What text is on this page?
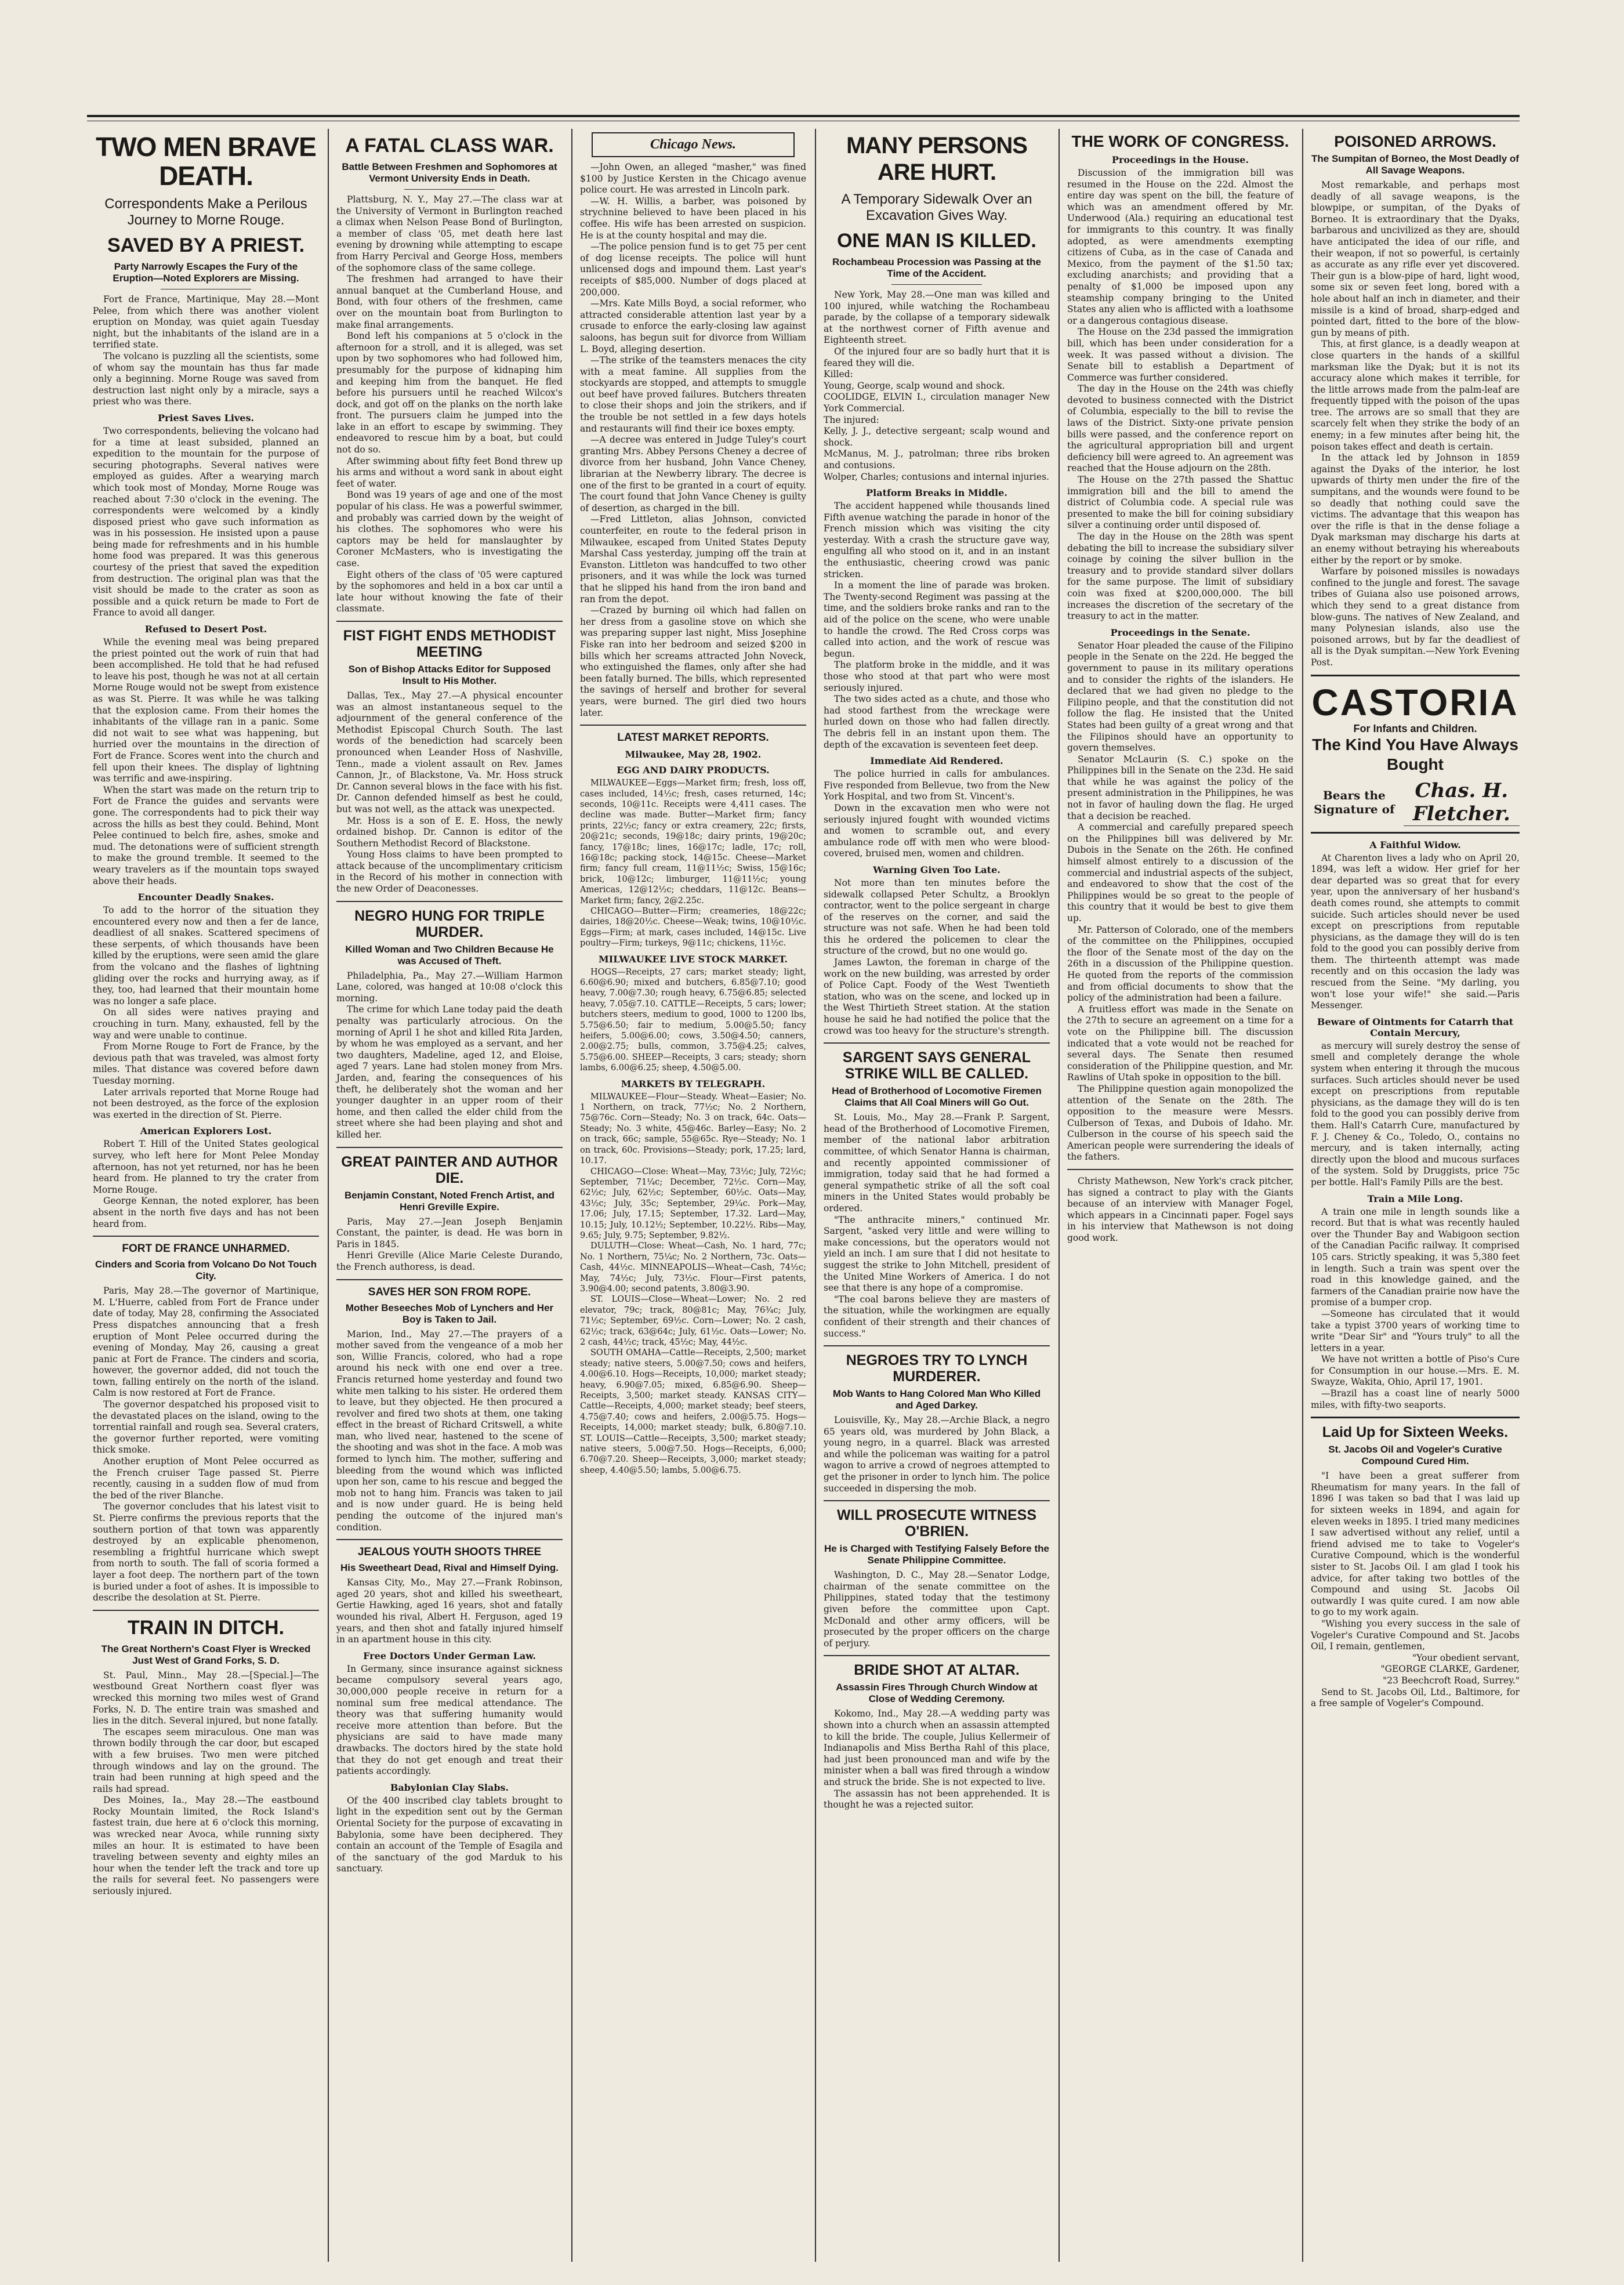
TWO MEN BRAVE DEATH.
Correspondents Make a Perilous Journey to Morne Rouge.
SAVED BY A PRIEST.
Party Narrowly Escapes the Fury of the Eruption—Noted Explorers are Missing.

Fort de France, Martinique, May 28.—Mont Pelee, from which there was another violent eruption on Monday, was quiet again Tuesday night, but the inhabitants of the island are in a terrified state.

The volcano is puzzling all the scientists, some of whom say the mountain has thus far made only a beginning. Morne Rouge was saved from destruction last night only by a miracle, says a priest who was there.

Priest Saves Lives.

Two correspondents, believing the volcano had for a time at least subsided, planned an expedition to the mountain for the purpose of securing photographs. Several natives were employed as guides. After a wearying march which took most of Monday, Morne Rouge was reached about 7:30 o'clock in the evening. The correspondents were welcomed by a kindly disposed priest who gave such information as was in his possession. He insisted upon a pause being made for refreshments and in his humble home food was prepared. It was this generous courtesy of the priest that saved the expedition from destruction. The original plan was that the visit should be made to the crater as soon as possible and a quick return be made to Fort de France to avoid all danger.

Refused to Desert Post.

While the evening meal was being prepared the priest pointed out the work of ruin that had been accomplished. He told that he had refused to leave his post, though he was not at all certain Morne Rouge would not be swept from existence as was St. Pierre. It was while he was talking that the explosion came. From their homes the inhabitants of the village ran in a panic. Some did not wait to see what was happening, but hurried over the mountains in the direction of Fort de France. Scores went into the church and fell upon their knees. The display of lightning was terrific and awe-inspiring.

When the start was made on the return trip to Fort de France the guides and servants were gone. The correspondents had to pick their way across the hills as best they could. Behind, Mont Pelee continued to belch fire, ashes, smoke and mud. The detonations were of sufficient strength to make the ground tremble. It seemed to the weary travelers as if the mountain tops swayed above their heads.

Encounter Deadly Snakes.

To add to the horror of the situation they encountered every now and then a fer de lance, deadliest of all snakes. Scattered specimens of these serpents, of which thousands have been killed by the eruptions, were seen amid the glare from the volcano and the flashes of lightning gliding over the rocks and hurrying away, as if they, too, had learned that their mountain home was no longer a safe place.

On all sides were natives praying and crouching in turn. Many, exhausted, fell by the way and were unable to continue.

From Morne Rouge to Fort de France, by the devious path that was traveled, was almost forty miles. That distance was covered before dawn Tuesday morning.

Later arrivals reported that Morne Rouge had not been destroyed, as the force of the explosion was exerted in the direction of St. Pierre.

American Explorers Lost.

Robert T. Hill of the United States geological survey, who left here for Mont Pelee Monday afternoon, has not yet returned, nor has he been heard from. He planned to try the crater from Morne Rouge.

George Kennan, the noted explorer, has been absent in the north five days and has not been heard from.

FORT DE FRANCE UNHARMED.
Cinders and Scoria from Volcano Do Not Touch City.

Paris, May 28.—The governor of Martinique, M. L'Huerre, cabled from Fort de France under date of today, May 28, confirming the Associated Press dispatches announcing that a fresh eruption of Mont Pelee occurred during the evening of Monday, May 26, causing a great panic at Fort de France. The cinders and scoria, however, the governor added, did not touch the town, falling entirely on the north of the island. Calm is now restored at Fort de France.

The governor despatched his proposed visit to the devastated places on the island, owing to the torrential rainfall and rough sea. Several craters, the governor further reported, were vomiting thick smoke.

Another eruption of Mont Pelee occurred as the French cruiser Tage passed St. Pierre recently, causing in a sudden flow of mud from the bed of the river Blanche.

The governor concludes that his latest visit to St. Pierre confirms the previous reports that the southern portion of that town was apparently destroyed by an explicable phenomenon, resembling a frightful hurricane which swept from north to south. The fall of scoria formed a layer a foot deep. The northern part of the town is buried under a foot of ashes. It is impossible to describe the desolation at St. Pierre.

TRAIN IN DITCH.
The Great Northern's Coast Flyer is Wrecked Just West of Grand Forks, S. D.

St. Paul, Minn., May 28.—[Special.]—The westbound Great Northern coast flyer was wrecked this morning two miles west of Grand Forks, N. D. The entire train was smashed and lies in the ditch. Several injured, but none fatally.

The escapes seem miraculous. One man was thrown bodily through the car door, but escaped with a few bruises. Two men were pitched through windows and lay on the ground. The train had been running at high speed and the rails had spread.

Des Moines, Ia., May 28.—The eastbound Rocky Mountain limited, the Rock Island's fastest train, due here at 6 o'clock this morning, was wrecked near Avoca, while running sixty miles an hour. It is estimated to have been traveling between seventy and eighty miles an hour when the tender left the track and tore up the rails for several feet. No passengers were seriously injured.

A FATAL CLASS WAR.
Battle Between Freshmen and Sophomores at Vermont University Ends in Death.

Plattsburg, N. Y., May 27.—The class war at the University of Vermont in Burlington reached a climax when Nelson Pease Bond of Burlington, a member of class '05, met death here last evening by drowning while attempting to escape from Harry Percival and George Hoss, members of the sophomore class of the same college.

The freshmen had arranged to have their annual banquet at the Cumberland House, and Bond, with four others of the freshmen, came over on the mountain boat from Burlington to make final arrangements.

Bond left his companions at 5 o'clock in the afternoon for a stroll, and it is alleged, was set upon by two sophomores who had followed him, presumably for the purpose of kidnaping him and keeping him from the banquet. He fled before his pursuers until he reached Wilcox's dock, and got off on the planks on the north lake front. The pursuers claim he jumped into the lake in an effort to escape by swimming. They endeavored to rescue him by a boat, but could not do so.

After swimming about fifty feet Bond threw up his arms and without a word sank in about eight feet of water.

Bond was 19 years of age and one of the most popular of his class. He was a powerful swimmer, and probably was carried down by the weight of his clothes. The sophomores who were his captors may be held for manslaughter by Coroner McMasters, who is investigating the case.

Eight others of the class of '05 were captured by the sophomores and held in a box car until a late hour without knowing the fate of their classmate.

FIST FIGHT ENDS METHODIST MEETING
Son of Bishop Attacks Editor for Supposed Insult to His Mother.

Dallas, Tex., May 27.—A physical encounter was an almost instantaneous sequel to the adjournment of the general conference of the Methodist Episcopal Church South. The last words of the benediction had scarcely been pronounced when Leander Hoss of Nashville, Tenn., made a violent assault on Rev. James Cannon, Jr., of Blackstone, Va. Mr. Hoss struck Dr. Cannon several blows in the face with his fist. Dr. Cannon defended himself as best he could, but was not well, as the attack was unexpected.

Mr. Hoss is a son of E. E. Hoss, the newly ordained bishop. Dr. Cannon is editor of the Southern Methodist Record of Blackstone.

Young Hoss claims to have been prompted to attack because of the uncomplimentary criticism in the Record of his mother in connection with the new Order of Deaconesses.

NEGRO HUNG FOR TRIPLE MURDER.
Killed Woman and Two Children Because He was Accused of Theft.

Philadelphia, Pa., May 27.—William Harmon Lane, colored, was hanged at 10:08 o'clock this morning.

The crime for which Lane today paid the death penalty was particularly atrocious. On the morning of April 1 he shot and killed Rita Jarden, by whom he was employed as a servant, and her two daughters, Madeline, aged 12, and Eloise, aged 7 years. Lane had stolen money from Mrs. Jarden, and, fearing the consequences of his theft, he deliberately shot the woman and her younger daughter in an upper room of their home, and then called the elder child from the street where she had been playing and shot and killed her.

GREAT PAINTER AND AUTHOR DIE.
Benjamin Constant, Noted French Artist, and Henri Greville Expire.

Paris, May 27.—Jean Joseph Benjamin Constant, the painter, is dead. He was born in Paris in 1845.

Henri Greville (Alice Marie Celeste Durando, the French authoress, is dead.

SAVES HER SON FROM ROPE.
Mother Beseeches Mob of Lynchers and Her Boy is Taken to Jail.

Marion, Ind., May 27.—The prayers of a mother saved from the vengeance of a mob her son, Willie Francis, colored, who had a rope around his neck with one end over a tree. Francis returned home yesterday and found two white men talking to his sister. He ordered them to leave, but they objected. He then procured a revolver and fired two shots at them, one taking effect in the breast of Richard Critswell, a white man, who lived near, hastened to the scene of the shooting and was shot in the face. A mob was formed to lynch him. The mother, suffering and bleeding from the wound which was inflicted upon her son, came to his rescue and begged the mob not to hang him. Francis was taken to jail and is now under guard. He is being held pending the outcome of the injured man's condition.

JEALOUS YOUTH SHOOTS THREE
His Sweetheart Dead, Rival and Himself Dying.

Kansas City, Mo., May 27.—Frank Robinson, aged 20 years, shot and killed his sweetheart, Gertie Hawking, aged 16 years, shot and fatally wounded his rival, Albert H. Ferguson, aged 19 years, and then shot and fatally injured himself in an apartment house in this city.

Free Doctors Under German Law.

In Germany, since insurance against sickness became compulsory several years ago, 30,000,000 people receive in return for a nominal sum free medical attendance. The theory was that suffering humanity would receive more attention than before. But the physicians are said to have made many drawbacks. The doctors hired by the state hold that they do not get enough and treat their patients accordingly.

Babylonian Clay Slabs.

Of the 400 inscribed clay tablets brought to light in the expedition sent out by the German Oriental Society for the purpose of excavating in Babylonia, some have been deciphered. They contain an account of the Temple of Esagila and of the sanctuary of the god Marduk to his sanctuary.

Chicago News.

—John Owen, an alleged "masher," was fined $100 by Justice Kersten in the Chicago avenue police court. He was arrested in Lincoln park.

—W. H. Willis, a barber, was poisoned by strychnine believed to have been placed in his coffee. His wife has been arrested on suspicion. He is at the county hospital and may die.

—The police pension fund is to get 75 per cent of dog license receipts. The police will hunt unlicensed dogs and impound them. Last year's receipts of $85,000. Number of dogs placed at 200,000.

—Mrs. Kate Mills Boyd, a social reformer, who attracted considerable attention last year by a crusade to enforce the early-closing law against saloons, has begun suit for divorce from William L. Boyd, alleging desertion.

—The strike of the teamsters menaces the city with a meat famine. All supplies from the stockyards are stopped, and attempts to smuggle out beef have proved failures. Butchers threaten to close their shops and join the strikers, and if the trouble be not settled in a few days hotels and restaurants will find their ice boxes empty.

—A decree was entered in Judge Tuley's court granting Mrs. Abbey Persons Cheney a decree of divorce from her husband, John Vance Cheney, librarian at the Newberry library. The decree is one of the first to be granted in a court of equity. The court found that John Vance Cheney is guilty of desertion, as charged in the bill.

—Fred Littleton, alias Johnson, convicted counterfeiter, en route to the federal prison in Milwaukee, escaped from United States Deputy Marshal Cass yesterday, jumping off the train at Evanston. Littleton was handcuffed to two other prisoners, and it was while the lock was turned that he slipped his hand from the iron band and ran from the depot.

—Crazed by burning oil which had fallen on her dress from a gasoline stove on which she was preparing supper last night, Miss Josephine Fiske ran into her bedroom and seized $200 in bills which her screams attracted John Noveck, who extinguished the flames, only after she had been fatally burned. The bills, which represented the savings of herself and brother for several years, were burned. The girl died two hours later.

LATEST MARKET REPORTS.
Milwaukee, May 28, 1902.
EGG AND DAIRY PRODUCTS.

MILWAUKEE—Eggs—Market firm; fresh, loss off, cases included, 14½c; fresh, cases returned, 14c; seconds, 10@11c. Receipts were 4,411 cases. The decline was made. Butter—Market firm; fancy prints, 22½c; fancy or extra creamery, 22c; firsts, 20@21c; seconds, 19@18c; dairy prints, 19@20c; fancy, 17@18c; lines, 16@17c; ladle, 17c; roll, 16@18c; packing stock, 14@15c. Cheese—Market firm; fancy full cream, 11@11½c; Swiss, 15@16c; brick, 10@12c; limburger, 11@11½c; young Americas, 12@12½c; cheddars, 11@12c. Beans—Market firm; fancy, 2@2.25c.

CHICAGO—Butter—Firm; creameries, 18@22c; dairies, 18@20½c. Cheese—Weak; twins, 10@10½c. Eggs—Firm; at mark, cases included, 14@15c. Live poultry—Firm; turkeys, 9@11c; chickens, 11½c.

MILWAUKEE LIVE STOCK MARKET.

HOGS—Receipts, 27 cars; market steady; light, 6.60@6.90; mixed and butchers, 6.85@7.10; good heavy, 7.00@7.30; rough heavy, 6.75@6.85; selected heavy, 7.05@7.10. CATTLE—Receipts, 5 cars; lower; butchers steers, medium to good, 1000 to 1200 lbs, 5.75@6.50; fair to medium, 5.00@5.50; fancy heifers, 5.00@6.00; cows, 3.50@4.50; canners, 2.00@2.75; bulls, common, 3.75@4.25; calves, 5.75@6.00. SHEEP—Receipts, 3 cars; steady; shorn lambs, 6.00@6.25; sheep, 4.50@5.00.

MARKETS BY TELEGRAPH.

MILWAUKEE—Flour—Steady. Wheat—Easier; No. 1 Northern, on track, 77½c; No. 2 Northern, 75@76c. Corn—Steady; No. 3 on track, 64c. Oats—Steady; No. 3 white, 45@46c. Barley—Easy; No. 2 on track, 66c; sample, 55@65c. Rye—Steady; No. 1 on track, 60c. Provisions—Steady; pork, 17.25; lard, 10.17.

CHICAGO—Close: Wheat—May, 73½c; July, 72½c; September, 71¼c; December, 72½c. Corn—May, 62½c; July, 62½c; September, 60½c. Oats—May, 43½c; July, 35c; September, 29¼c. Pork—May, 17.06; July, 17.15; September, 17.32. Lard—May, 10.15; July, 10.12½; September, 10.22½. Ribs—May, 9.65; July, 9.75; September, 9.82½.

DULUTH—Close: Wheat—Cash, No. 1 hard, 77c; No. 1 Northern, 75¼c; No. 2 Northern, 73c. Oats—Cash, 44½c. MINNEAPOLIS—Wheat—Cash, 74½c; May, 74½c; July, 73½c. Flour—First patents, 3.90@4.00; second patents, 3.80@3.90.

ST. LOUIS—Close—Wheat—Lower; No. 2 red elevator, 79c; track, 80@81c; May, 76¾c; July, 71½c; September, 69½c. Corn—Lower; No. 2 cash, 62½c; track, 63@64c; July, 61½c. Oats—Lower; No. 2 cash, 44½c; track, 45½c; May, 44½c.

SOUTH OMAHA—Cattle—Receipts, 2,500; market steady; native steers, 5.00@7.50; cows and heifers, 4.00@6.10. Hogs—Receipts, 10,000; market steady; heavy, 6.90@7.05; mixed, 6.85@6.90. Sheep—Receipts, 3,500; market steady. KANSAS CITY—Cattle—Receipts, 4,000; market steady; beef steers, 4.75@7.40; cows and heifers, 2.00@5.75. Hogs—Receipts, 14,000; market steady; bulk, 6.80@7.10. ST. LOUIS—Cattle—Receipts, 3,500; market steady; native steers, 5.00@7.50. Hogs—Receipts, 6,000; 6.70@7.20. Sheep—Receipts, 3,000; market steady; sheep, 4.40@5.50; lambs, 5.00@6.75.

MANY PERSONS ARE HURT.
A Temporary Sidewalk Over an Excavation Gives Way.
ONE MAN IS KILLED.
Rochambeau Procession was Passing at the Time of the Accident.

New York, May 28.—One man was killed and 100 injured, while watching the Rochambeau parade, by the collapse of a temporary sidewalk at the northwest corner of Fifth avenue and Eighteenth street.

Of the injured four are so badly hurt that it is feared they will die.

Killed:

Young, George, scalp wound and shock.

COOLIDGE, ELVIN I., circulation manager New York Commercial.

The injured:

Kelly, J. J., detective sergeant; scalp wound and shock.

McManus, M. J., patrolman; three ribs broken and contusions.

Wolper, Charles; contusions and internal injuries.

Platform Breaks in Middle.

The accident happened while thousands lined Fifth avenue watching the parade in honor of the French mission which was visiting the city yesterday. With a crash the structure gave way, engulfing all who stood on it, and in an instant the enthusiastic, cheering crowd was panic stricken.

In a moment the line of parade was broken. The Twenty-second Regiment was passing at the time, and the soldiers broke ranks and ran to the aid of the police on the scene, who were unable to handle the crowd. The Red Cross corps was called into action, and the work of rescue was begun.

The platform broke in the middle, and it was those who stood at that part who were most seriously injured.

The two sides acted as a chute, and those who had stood farthest from the wreckage were hurled down on those who had fallen directly. The debris fell in an instant upon them. The depth of the excavation is seventeen feet deep.

Immediate Aid Rendered.

The police hurried in calls for ambulances. Five responded from Bellevue, two from the New York Hospital, and two from St. Vincent's.

Down in the excavation men who were not seriously injured fought with wounded victims and women to scramble out, and every ambulance rode off with men who were blood-covered, bruised men, women and children.

Warning Given Too Late.

Not more than ten minutes before the sidewalk collapsed Peter Schultz, a Brooklyn contractor, went to the police sergeant in charge of the reserves on the corner, and said the structure was not safe. When he had been told this he ordered the policemen to clear the structure of the crowd, but no one would go.

James Lawton, the foreman in charge of the work on the new building, was arrested by order of Police Capt. Foody of the West Twentieth station, who was on the scene, and locked up in the West Thirtieth Street station. At the station house he said he had notified the police that the crowd was too heavy for the structure's strength.

SARGENT SAYS GENERAL STRIKE WILL BE CALLED.
Head of Brotherhood of Locomotive Firemen Claims that All Coal Miners will Go Out.

St. Louis, Mo., May 28.—Frank P. Sargent, head of the Brotherhood of Locomotive Firemen, member of the national labor arbitration committee, of which Senator Hanna is chairman, and recently appointed commissioner of immigration, today said that he had formed a general sympathetic strike of all the soft coal miners in the United States would probably be ordered.

"The anthracite miners," continued Mr. Sargent, "asked very little and were willing to make concessions, but the operators would not yield an inch. I am sure that I did not hesitate to suggest the strike to John Mitchell, president of the United Mine Workers of America. I do not see that there is any hope of a compromise.

"The coal barons believe they are masters of the situation, while the workingmen are equally confident of their strength and their chances of success."

NEGROES TRY TO LYNCH MURDERER.
Mob Wants to Hang Colored Man Who Killed and Aged Darkey.

Louisville, Ky., May 28.—Archie Black, a negro 65 years old, was murdered by John Black, a young negro, in a quarrel. Black was arrested and while the policeman was waiting for a patrol wagon to arrive a crowd of negroes attempted to get the prisoner in order to lynch him. The police succeeded in dispersing the mob.

WILL PROSECUTE WITNESS O'BRIEN.
He is Charged with Testifying Falsely Before the Senate Philippine Committee.

Washington, D. C., May 28.—Senator Lodge, chairman of the senate committee on the Philippines, stated today that the testimony given before the committee upon Capt. McDonald and other army officers, will be prosecuted by the proper officers on the charge of perjury.

BRIDE SHOT AT ALTAR.
Assassin Fires Through Church Window at Close of Wedding Ceremony.

Kokomo, Ind., May 28.—A wedding party was shown into a church when an assassin attempted to kill the bride. The couple, Julius Kellermeir of Indianapolis and Miss Bertha Rahl of this place, had just been pronounced man and wife by the minister when a ball was fired through a window and struck the bride. She is not expected to live.

The assassin has not been apprehended. It is thought he was a rejected suitor.

THE WORK OF CONGRESS.
Proceedings in the House.

Discussion of the immigration bill was resumed in the House on the 22d. Almost the entire day was spent on the bill, the feature of which was an amendment offered by Mr. Underwood (Ala.) requiring an educational test for immigrants to this country. It was finally adopted, as were amendments exempting citizens of Cuba, as in the case of Canada and Mexico, from the payment of the $1.50 tax; excluding anarchists; and providing that a penalty of $1,000 be imposed upon any steamship company bringing to the United States any alien who is afflicted with a loathsome or a dangerous contagious disease.

The House on the 23d passed the immigration bill, which has been under consideration for a week. It was passed without a division. The Senate bill to establish a Department of Commerce was further considered.

The day in the House on the 24th was chiefly devoted to business connected with the District of Columbia, especially to the bill to revise the laws of the District. Sixty-one private pension bills were passed, and the conference report on the agricultural appropriation bill and urgent deficiency bill were agreed to. An agreement was reached that the House adjourn on the 28th.

The House on the 27th passed the Shattuc immigration bill and the bill to amend the district of Columbia code. A special rule was presented to make the bill for coining subsidiary silver a continuing order until disposed of.

The day in the House on the 28th was spent debating the bill to increase the subsidiary silver coinage by coining the silver bullion in the treasury and to provide standard silver dollars for the same purpose. The limit of subsidiary coin was fixed at $200,000,000. The bill increases the discretion of the secretary of the treasury to act in the matter.

Proceedings in the Senate.

Senator Hoar pleaded the cause of the Filipino people in the Senate on the 22d. He begged the government to pause in its military operations and to consider the rights of the islanders. He declared that we had given no pledge to the Filipino people, and that the constitution did not follow the flag. He insisted that the United States had been guilty of a great wrong and that the Filipinos should have an opportunity to govern themselves.

Senator McLaurin (S. C.) spoke on the Philippines bill in the Senate on the 23d. He said that while he was against the policy of the present administration in the Philippines, he was not in favor of hauling down the flag. He urged that a decision be reached.

A commercial and carefully prepared speech on the Philippines bill was delivered by Mr. Dubois in the Senate on the 26th. He confined himself almost entirely to a discussion of the commercial and industrial aspects of the subject, and endeavored to show that the cost of the Philippines would be so great to the people of this country that it would be best to give them up.

Mr. Patterson of Colorado, one of the members of the committee on the Philippines, occupied the floor of the Senate most of the day on the 26th in a discussion of the Philippine question. He quoted from the reports of the commission and from official documents to show that the policy of the administration had been a failure.

A fruitless effort was made in the Senate on the 27th to secure an agreement on a time for a vote on the Philippine bill. The discussion indicated that a vote would not be reached for several days. The Senate then resumed consideration of the Philippine question, and Mr. Rawlins of Utah spoke in opposition to the bill.

The Philippine question again monopolized the attention of the Senate on the 28th. The opposition to the measure were Messrs. Culberson of Texas, and Dubois of Idaho. Mr. Culberson in the course of his speech said the American people were surrendering the ideals of the fathers.

Christy Mathewson, New York's crack pitcher, has signed a contract to play with the Giants because of an interview with Manager Fogel, which appears in a Cincinnati paper. Fogel says in his interview that Mathewson is not doing good work.

POISONED ARROWS.
The Sumpitan of Borneo, the Most Deadly of All Savage Weapons.

Most remarkable, and perhaps most deadly of all savage weapons, is the blowpipe, or sumpitan, of the Dyaks of Borneo. It is extraordinary that the Dyaks, barbarous and uncivilized as they are, should have anticipated the idea of our rifle, and their weapon, if not so powerful, is certainly as accurate as any rifle ever yet discovered. Their gun is a blow-pipe of hard, light wood, some six or seven feet long, bored with a hole about half an inch in diameter, and their missile is a kind of broad, sharp-edged and pointed dart, fitted to the bore of the blow-gun by means of pith.

This, at first glance, is a deadly weapon at close quarters in the hands of a skillful marksman like the Dyak; but it is not its accuracy alone which makes it terrible, for the little arrows made from the palm-leaf are frequently tipped with the poison of the upas tree. The arrows are so small that they are scarcely felt when they strike the body of an enemy; in a few minutes after being hit, the poison takes effect and death is certain.

In the attack led by Johnson in 1859 against the Dyaks of the interior, he lost upwards of thirty men under the fire of the sumpitans, and the wounds were found to be so deadly that nothing could save the victims. The advantage that this weapon has over the rifle is that in the dense foliage a Dyak marksman may discharge his darts at an enemy without betraying his whereabouts either by the report or by smoke.

Warfare by poisoned missiles is nowadays confined to the jungle and forest. The savage tribes of Guiana also use poisoned arrows, which they send to a great distance from blow-guns. The natives of New Zealand, and many Polynesian islands, also use the poisoned arrows, but by far the deadliest of all is the Dyak sumpitan.—New York Evening Post.

CASTORIA
For Infants and Children.
The Kind You Have Always Bought
Bears the Signature of
Chas. H. Fletcher.
A Faithful Widow.

At Charenton lives a lady who on April 20, 1894, was left a widow. Her grief for her dear departed was so great that for every year, upon the anniversary of her husband's death comes round, she attempts to commit suicide. Such articles should never be used except on prescriptions from reputable physicians, as the damage they will do is ten fold to the good you can possibly derive from them. The thirteenth attempt was made recently and on this occasion the lady was rescued from the Seine. "My darling, you won't lose your wife!" she said.—Paris Messenger.

Beware of Ointments for Catarrh that Contain Mercury,

as mercury will surely destroy the sense of smell and completely derange the whole system when entering it through the mucous surfaces. Such articles should never be used except on prescriptions from reputable physicians, as the damage they will do is ten fold to the good you can possibly derive from them. Hall's Catarrh Cure, manufactured by F. J. Cheney & Co., Toledo, O., contains no mercury, and is taken internally, acting directly upon the blood and mucous surfaces of the system. Sold by Druggists, price 75c per bottle. Hall's Family Pills are the best.

Train a Mile Long.

A train one mile in length sounds like a record. But that is what was recently hauled over the Thunder Bay and Wabigoon section of the Canadian Pacific railway. It comprised 105 cars. Strictly speaking, it was 5,380 feet in length. Such a train was spent over the road in this knowledge gained, and the farmers of the Canadian prairie now have the promise of a bumper crop.

—Someone has circulated that it would take a typist 3700 years of working time to write "Dear Sir" and "Yours truly" to all the letters in a year.

We have not written a bottle of Piso's Cure for Consumption in our house.—Mrs. E. M. Swayze, Wakita, Ohio, April 17, 1901.

—Brazil has a coast line of nearly 5000 miles, with fifty-two seaports.

Laid Up for Sixteen Weeks.
St. Jacobs Oil and Vogeler's Curative Compound Cured Him.

"I have been a great sufferer from Rheumatism for many years. In the fall of 1896 I was taken so bad that I was laid up for sixteen weeks in 1894, and again for eleven weeks in 1895. I tried many medicines I saw advertised without any relief, until a friend advised me to take to Vogeler's Curative Compound, which is the wonderful sister to St. Jacobs Oil. I am glad I took his advice, for after taking two bottles of the Compound and using St. Jacobs Oil outwardly I was quite cured. I am now able to go to my work again.

"Wishing you every success in the sale of Vogeler's Curative Compound and St. Jacobs Oil, I remain, gentlemen,

"Your obedient servant,

"GEORGE CLARKE, Gardener,

"23 Beechcroft Road, Surrey."

Send to St. Jacobs Oil, Ltd., Baltimore, for a free sample of Vogeler's Compound.
